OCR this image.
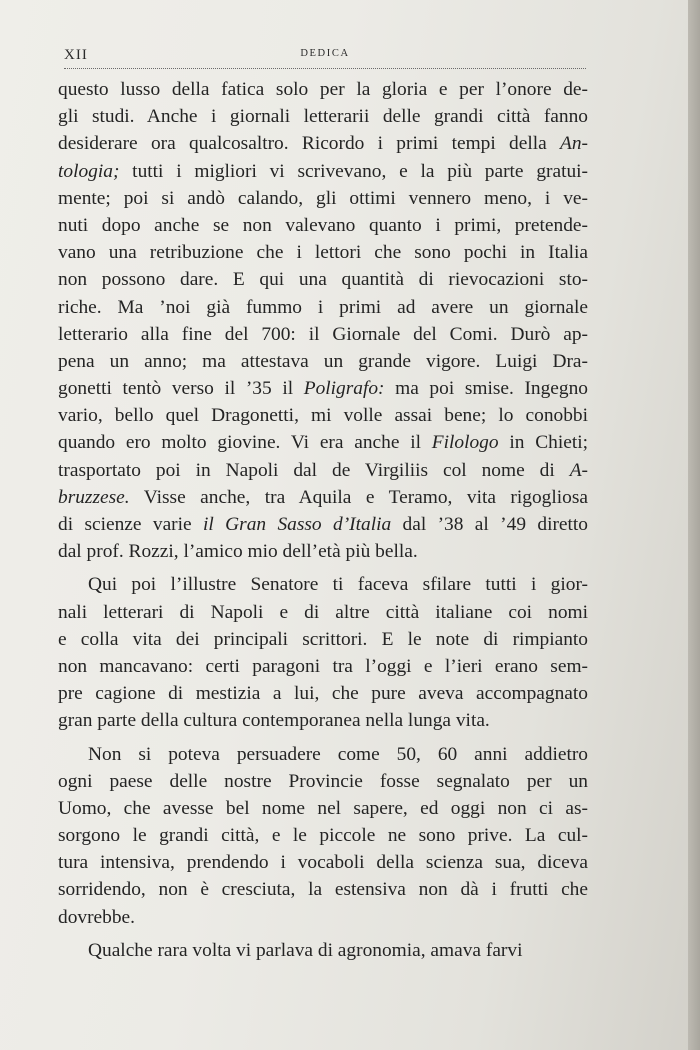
XII	DEDICA
questo lusso della fatica solo per la gloria e per l’onore de-
gli studi. Anche i giornali letterarii delle grandi città fanno
desiderare ora qualcosaltro. Ricordo i primi tempi della An-
tologia; tutti i migliori vi scrivevano, e la più parte gratui-
mente; poi si andò calando, gli ottimi vennero meno, i ve-
nuti dopo anche se non valevano quanto i primi, pretende-
vano una retribuzione che i lettori che sono pochi in Italia
non possono dare. E qui una quantità di rievocazioni sto-
riche. Ma ’noi già fummo i primi ad avere un giornale
letterario alla fine del 700: il Giornale del Comi. Durò ap-
pena un anno; ma attestava un grande vigore. Luigi Dra-
gonetti tentò verso il ’35 il Poligrafo: ma poi smise. Ingegno
vario, bello quel Dragonetti, mi volle assai bene; lo conobbi
quando ero molto giovine. Vi era anche il Filologo in Chieti;
trasportato poi in Napoli dal de Virgiliis col nome di A-
bruzzese. Visse anche, tra Aquila e Teramo, vita rigogliosa
di scienze varie il Gran Sasso d’Italia dal ’38 al ’49 diretto
dal prof. Rozzi, l’amico mio dell’età più bella.
Qui poi l’illustre Senatore ti faceva sfilare tutti i gior-
nali letterari di Napoli e di altre città italiane coi nomi
e colla vita dei principali scrittori. E le note di rimpianto
non mancavano: certi paragoni tra l’oggi e l’ieri erano sem-
pre cagione di mestizia a lui, che pure aveva accompagnato
gran parte della cultura contemporanea nella lunga vita.
Non si poteva persuadere come 50, 60 anni addietro
ogni paese delle nostre Provincie fosse segnalato per un
Uomo, che avesse bel nome nel sapere, ed oggi non ci as-
sorgono le grandi città, e le piccole ne sono prive. La cul-
tura intensiva, prendendo i vocaboli della scienza sua, diceva
sorridendo, non è cresciuta, la estensiva non dà i frutti che
dovrebbe.
Qualche rara volta vi parlava di agronomia, amava farvi
